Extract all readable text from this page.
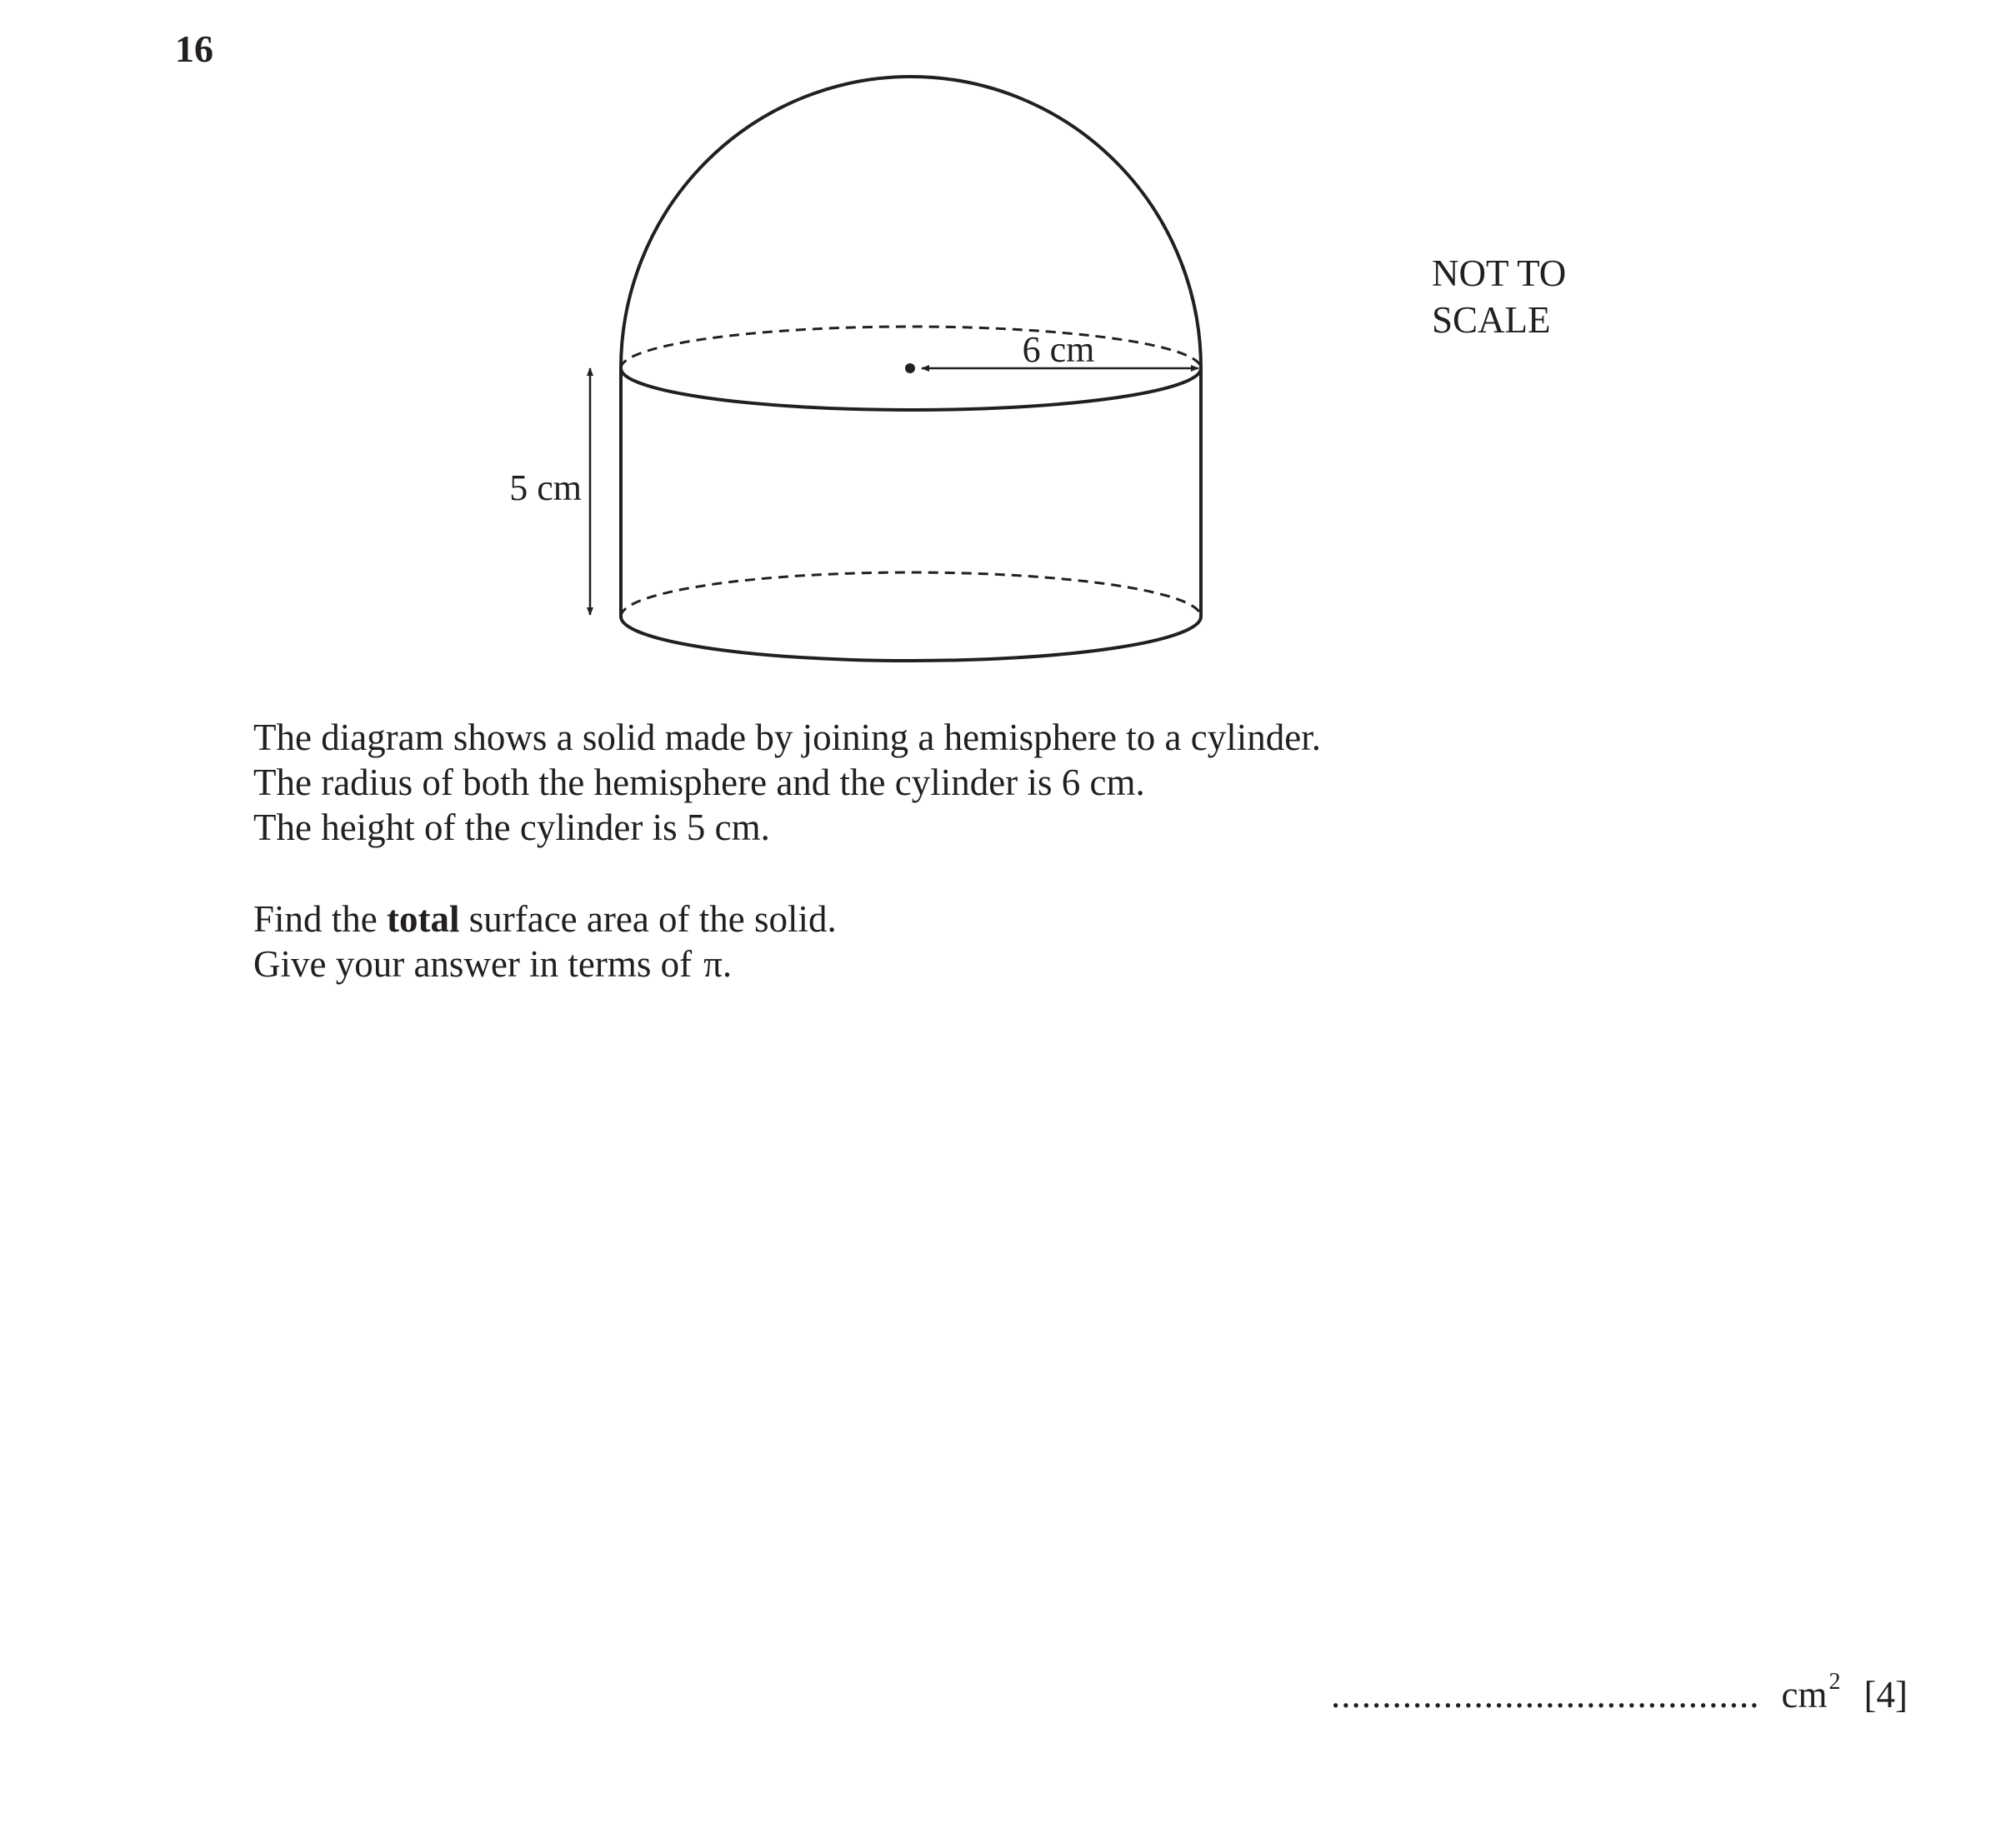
16
6 cm
5 cm
NOT TO
SCALE

The diagram shows a solid made by joining a hemisphere to a cylinder.

The radius of both the hemisphere and the cylinder is 6 cm.

The height of the cylinder is 5 cm.

Find the total surface area of the solid.

Give your answer in terms of π.

.......................................... $cm^2$ [4]
